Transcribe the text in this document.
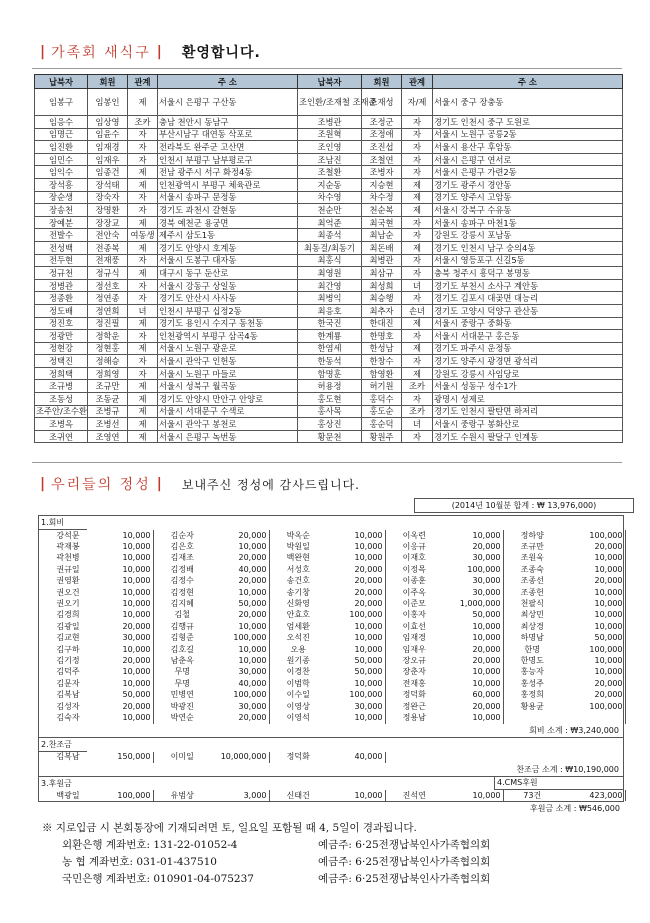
| 가족회 새식구 | 환영합니다.
납북자	회원	관계	주 소	납북자	회원	관계	주 소
임봉구	임봉인	제	서울시 은평구 구산동	조인환/조재철 조재준	조재성	자/제	서울시 중구 장충동
임응수	임상영	조카	충남 천안시 동남구	조병관	조정군	자	경기도 인천시 중구 도원로
임명근	임윤수	자	부산시남구 대연동 삭포로	조원혁	조정애	자	서울시 노원구 공릉2동
임진환	임재경	자	전라북도 완주군 고산면	조인영	조진섭	자	서울시 용산구 후암동
임민수	임재우	자	인천시 부평구 남부평로구	조남진	조철연	자	서울시 은평구 연서로
임익수	임종건	제	전남 광주시 서구 화정4동	조철환	조병자	자	서울시 은평구 가련2동
장석흥	장석태	제	인천광역시 부평구 체육관로	지순동	지승현	제	경기도 광주시 경안동
장순생	장숙자	자	서울시 송파구 문정동	차수영	차수정	제	경기도 양주시 고암동
장송천	장명환	자	경기도 과천시 갈현동	천순만	천순복	제	서울시 강북구 수유동
장예분	장장교	제	경북 예천군 용궁면	최억준	최국현	자	서울시 송파구 마천1동
전발수	전안숙	여동생	제주시 삼도1동	최종석	최남순	자	강원도 강릉시 포남동
전성백	전종복	제	경기도 안양시 호계동	최동걸/최동기	최돈배	제	경기도 인천시 남구 숭의4동
전두현	전재풍	자	서울시 도봉구 대자동	최홍식	최병관	자	서울시 영등포구 신길5동
정규천	정규식	제	대구시 동구 둔산로	최영원	최삼규	자	충북 청주시 흥덕구 봉명동
정병관	정선호	자	서울시 강동구 상일동	최간영	최성희	녀	경기도 부천시 소사구 계안동
정종환	정연종	자	경기도 안산시 사사동	최병익	최승행	자	경기도 김포시 대곶면 대능리
정도배	정연희	녀	인천시 부평구 십정2동	최응호	최추자	손녀	경기도 고양시 덕양구 관산동
정진호	정진필	제	경기도 용인시 수지구 동천동	한국진	한대진	제	서울시 중랑구 중화동
정광만	정학운	자	인천광역시 부평구 삼곡4동	한계룡	한명호	자	서울시 서대문구 홍은동
정현강	정현홍	제	서울시 노원구 광운로	한염세	한성남	제	경기도 파주시 운정동
정택진	정해승	자	서울시 관악구 인헌동	한동석	한창수	자	경기도 양주시 광경면 광석리
정희택	정희영	자	서울시 노원구 마들로	함명훈	함영환	제	강원도 강릉시 사임당로
조규병	조규만	제	서울시 성북구 월곡동	허용정	허기원	조카	서울시 성동구 성수1가
조동성	조동균	제	경기도 안양시 만안구 안양로	홍도현	홍덕수	자	광명시 성제로
조주안/조수환	조병규	제	서울시 서대문구 수색로	홍사목	홍도순	조카	경기도 인천시 팔탄면 하저리
조병옥	조병선	제	서울시 관악구 봉천로	홍상진	홍순덕	녀	서울시 중랑구 봉화산로
조귀연	조영연	제	서울시 은평구 녹번동	황문천	황원주	자	경기도 수원시 팔달구 인계동
| 우리들의 정성 | 보내주신 정성에 감사드립니다.
(2014년 10월분 합계 : ₩ 13,976,000)
1.회비
강석문	10,000	김순자	20,000	박옥순	10,000	이옥련	10,000	정하양	100,000
곽재봉	10,000	김은호	10,000	박원일	10,000	이응규	20,000	조규만	20,000
곽천병	10,000	김재조	20,000	백완현	10,000	이재호	30,000	조원욱	10,000
권규일	10,000	김정배	40,000	서성호	20,000	이정목	100,000	조종숙	10,000
권영환	10,000	김정수	20,000	송건호	20,000	이종훈	30,000	조종선	20,000
권오건	10,000	김정현	10,000	송기창	20,000	이주옥	30,000	조종헌	10,000
권오기	10,000	김지혜	50,000	신화영	20,000	이준모	1,000,000	천팔식	10,000
김경희	10,000	김철	20,000	안효호	100,000	이홍자	50,000	최상민	10,000
김광일	20,000	김행규	10,000	엄세환	10,000	이효선	10,000	최상경	10,000
김교현	30,000	김형준	100,000	오석진	10,000	임재경	10,000	하명남	50,000
김구하	10,000	김호길	10,000	오용	10,000	임재우	20,000	한명	100,000
김기정	20,000	남춘옥	10,000	원기종	50,000	장오규	20,000	한명도	10,000
김덕주	10,000	무명	30,000	이경찬	50,000	장춘자	10,000	홍능자	10,000
김문자	10,000	무명	40,000	이범학	10,000	전재홍	10,000	홍성주	20,000
김복남	50,000	민병연	100,000	이수일	100,000	정덕화	60,000	홍정희	20,000
김성자	20,000	박광진	30,000	이영상	30,000	정완근	20,000	황용균	100,000
김숙자	10,000	박연순	20,000	이영석	10,000	정용남	10,000		
회비 소계 : ₩3,240,000
2.찬조금
김복남	150,000	이미일	10,000,000	정덕화	40,000	
찬조금 소계 : ₩10,190,000
3.후원금	4.CMS후원
백광일	100,000	유범상	3,000	신태건	10,000	진석연	10,000	73건	423,000
후원금 소계 : ₩546,000
※ 지로입금 시 본회통장에 기재되려면 토, 일요일 포함될 때 4, 5일이 경과됩니다.
외환은행 계좌번호: 131-22-01052-4	예금주: 6·25전쟁납북인사가족협의회
농 협 계좌번호: 031-01-437510	예금주: 6·25전쟁납북인사가족협의회
국민은행 계좌번호: 010901-04-075237	예금주: 6·25전쟁납북인사가족협의회
